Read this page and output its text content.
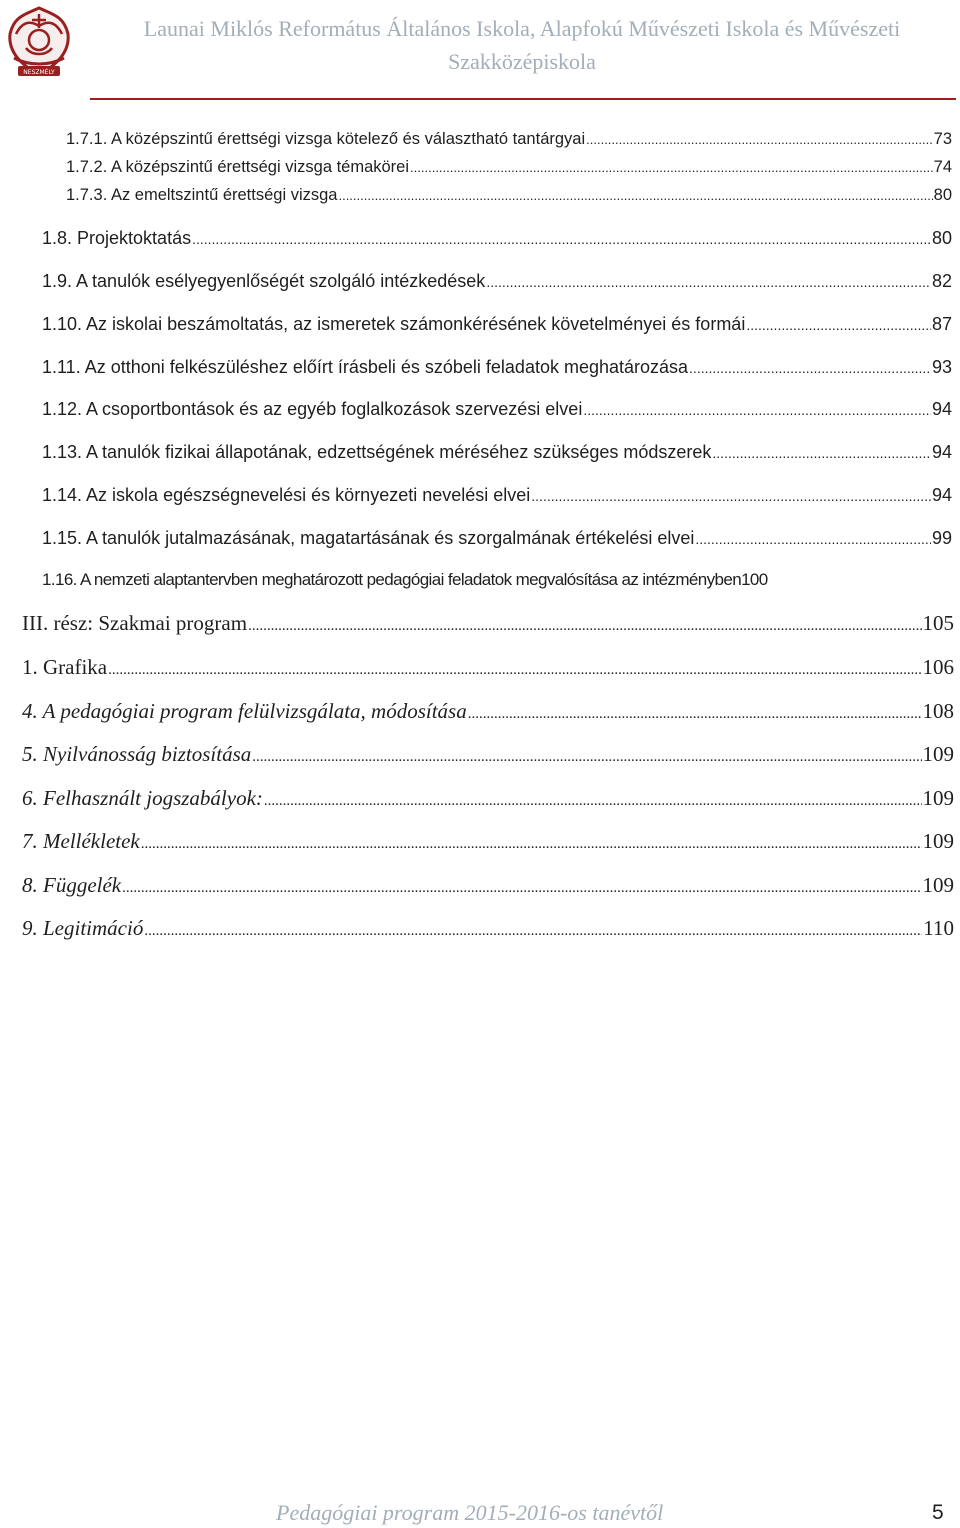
NESZMÉLY
Launai Miklós Református Általános Iskola, Alapfokú Művészeti Iskola és Művészeti
Szakközépiskola
1.7.1. A középszintű érettségi vizsga kötelező és választható tantárgyai .....	73
1.7.2. A középszintű érettségi vizsga témakörei .....	74
1.7.3. Az emeltszintű érettségi vizsga .....	80
1.8. Projektoktatás .....	80
1.9. A tanulók esélyegyenlőségét szolgáló intézkedések .....	82
1.10. Az iskolai beszámoltatás, az ismeretek számonkérésének követelményei és formái .....	87
1.11. Az otthoni felkészüléshez előírt írásbeli és szóbeli feladatok meghatározása .....	93
1.12. A csoportbontások és az egyéb foglalkozások szervezési elvei .....	94
1.13. A tanulók fizikai állapotának, edzettségének méréséhez szükséges módszerek .....	94
1.14. Az iskola egészségnevelési és környezeti nevelési elvei .....	94
1.15. A tanulók jutalmazásának, magatartásának és szorgalmának értékelési elvei .....	99
1.16. A nemzeti alaptantervben meghatározott pedagógiai feladatok megvalósítása az intézményben 100
III. rész: Szakmai program .....	105
1. Grafika .....	106
4. A pedagógiai program felülvizsgálata, módosítása .....	108
5. Nyilvánosság biztosítása .....	109
6. Felhasznált jogszabályok: .....	109
7. Mellékletek .....	109
8. Függelék .....	109
9. Legitimáció .....	110
Pedagógiai program 2015-2016-os tanévtől	5
